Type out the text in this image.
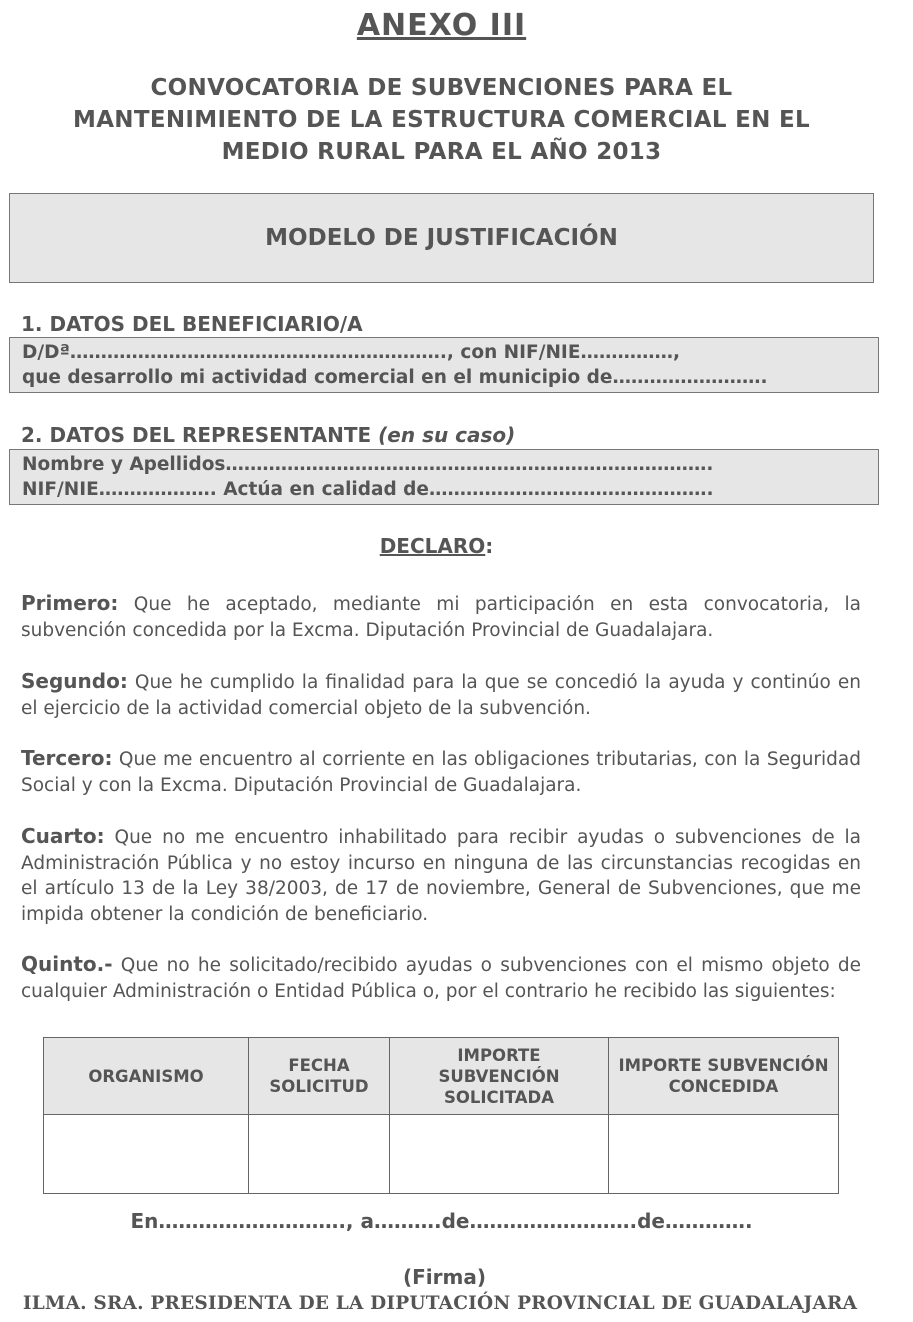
ANEXO III
CONVOCATORIA DE SUBVENCIONES PARA EL
MANTENIMIENTO DE LA ESTRUCTURA COMERCIAL EN EL
MEDIO RURAL PARA EL AÑO 2013
MODELO DE JUSTIFICACIÓN
1. DATOS DEL BENEFICIARIO/A
D/Dª……………………………………………………., con NIF/NIE……………,
que desarrollo mi actividad comercial en el municipio de…………………….
2. DATOS DEL REPRESENTANTE (en su caso)
Nombre y Apellidos…………………………………………………………………….
NIF/NIE………………. Actúa en calidad de……………………………………….
DECLARO:
Primero: Que he aceptado, mediante mi participación en esta convocatoria, la subvención concedida por la Excma. Diputación Provincial de Guadalajara.
Segundo: Que he cumplido la finalidad para la que se concedió la ayuda y continúo en el ejercicio de la actividad comercial objeto de la subvención.
Tercero: Que me encuentro al corriente en las obligaciones tributarias, con la Seguridad Social y con la Excma. Diputación Provincial de Guadalajara.
Cuarto: Que no me encuentro inhabilitado para recibir ayudas o subvenciones de la Administración Pública y no estoy incurso en ninguna de las circunstancias recogidas en el artículo 13 de la Ley 38/2003, de 17 de noviembre, General de Subvenciones, que me impida obtener la condición de beneficiario.
Quinto.- Que no he solicitado/recibido ayudas o subvenciones con el mismo objeto de cualquier Administración o Entidad Pública o, por el contrario he recibido las siguientes:
ORGANISMO	FECHA SOLICITUD	IMPORTE SUBVENCIÓN SOLICITADA	IMPORTE SUBVENCIÓN CONCEDIDA

En………………………., a……….de…………………….de………….
(Firma)
ILMA. SRA. PRESIDENTA DE LA DIPUTACIÓN PROVINCIAL DE GUADALAJARA
